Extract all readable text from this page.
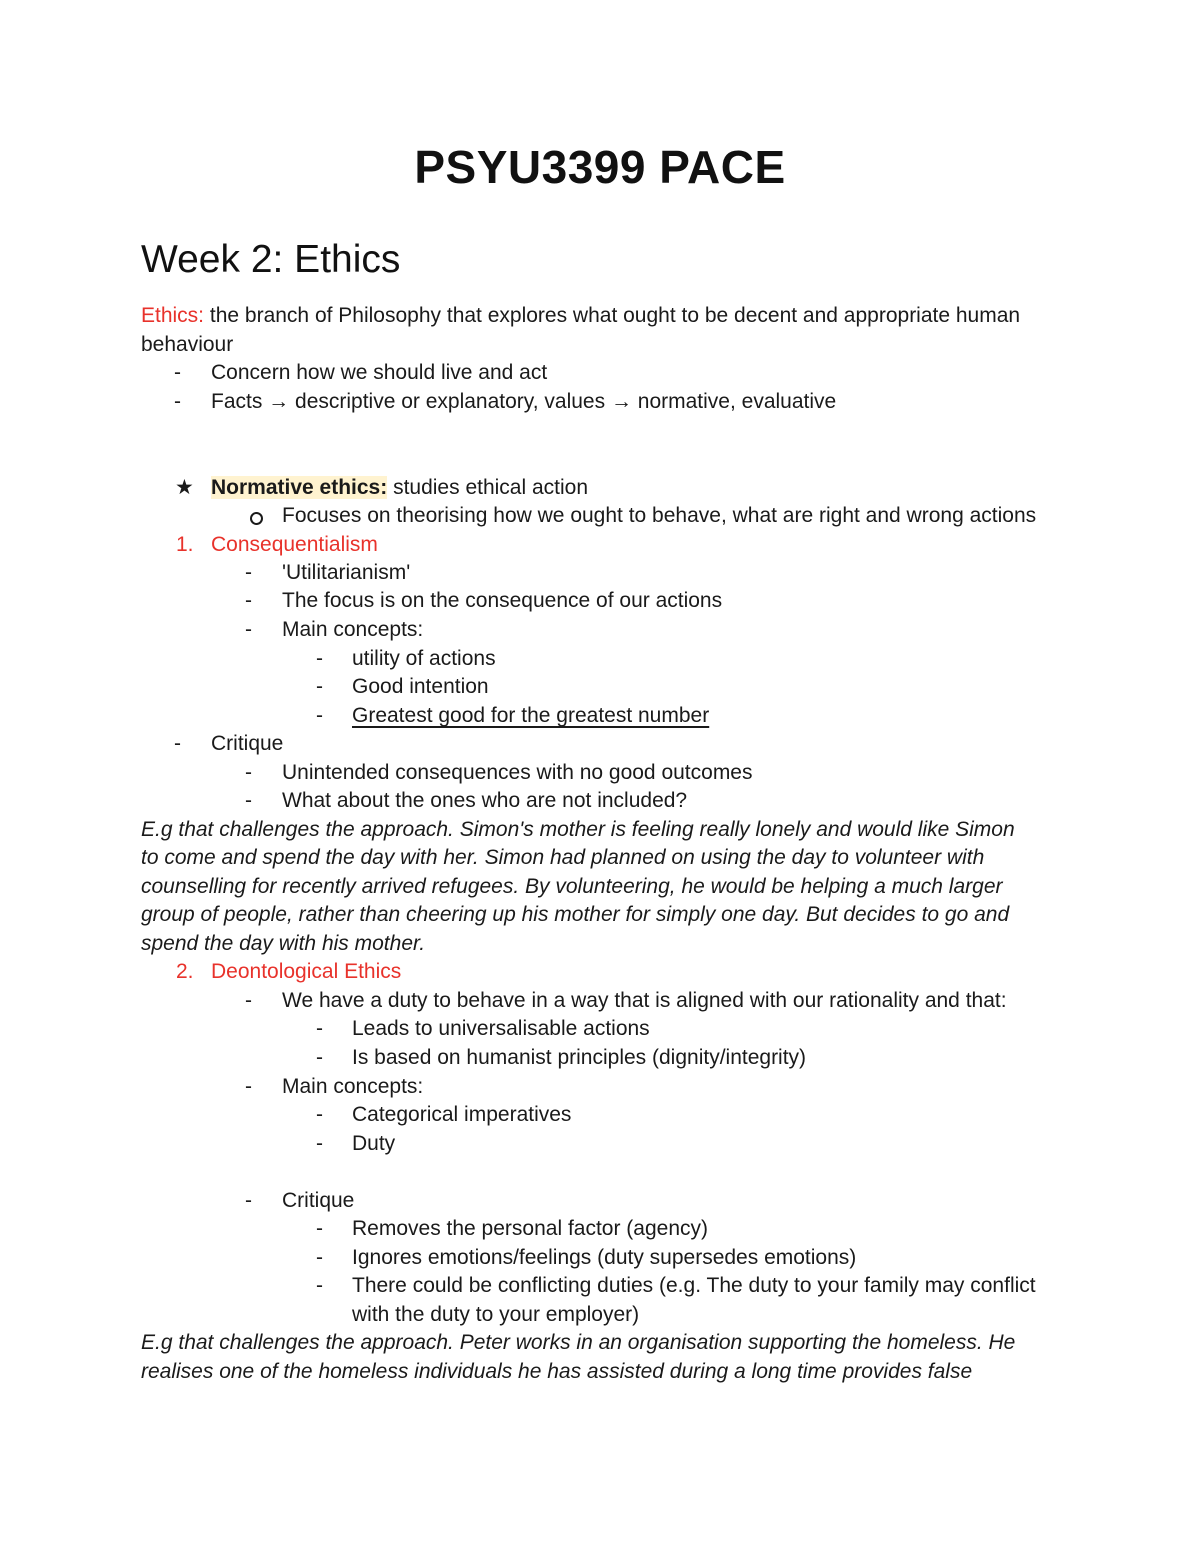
PSYU3399 PACE
Week 2: Ethics
Ethics: the branch of Philosophy that explores what ought to be decent and appropriate human
behaviour
- Concern how we should live and act
- Facts → descriptive or explanatory, values → normative, evaluative
★ Normative ethics: studies ethical action
Focuses on theorising how we ought to behave, what are right and wrong actions
1. Consequentialism
- 'Utilitarianism'
- The focus is on the consequence of our actions
- Main concepts:
- utility of actions
- Good intention
- Greatest good for the greatest number
- Critique
- Unintended consequences with no good outcomes
- What about the ones who are not included?
E.g that challenges the approach. Simon's mother is feeling really lonely and would like Simon
to come and spend the day with her. Simon had planned on using the day to volunteer with
counselling for recently arrived refugees. By volunteering, he would be helping a much larger
group of people, rather than cheering up his mother for simply one day. But decides to go and
spend the day with his mother.
2. Deontological Ethics
- We have a duty to behave in a way that is aligned with our rationality and that:
- Leads to universalisable actions
- Is based on humanist principles (dignity/integrity)
- Main concepts:
- Categorical imperatives
- Duty
- Critique
- Removes the personal factor (agency)
- Ignores emotions/feelings (duty supersedes emotions)
- There could be conflicting duties (e.g. The duty to your family may conflict
with the duty to your employer)
E.g that challenges the approach. Peter works in an organisation supporting the homeless. He
realises one of the homeless individuals he has assisted during a long time provides false
